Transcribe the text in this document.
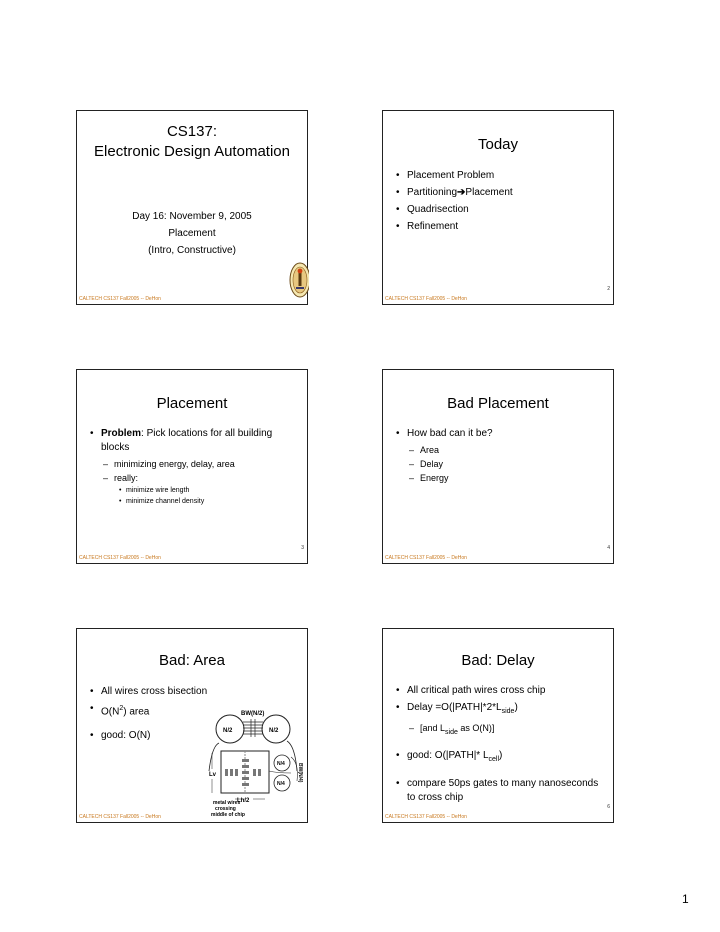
CS137:
Electronic Design Automation
Day 16: November 9, 2005
Placement
(Intro, Constructive)
CALTECH CS137 Fall2005 -- DeHon
Today
• Placement Problem
• Partitioning➔Placement
• Quadrisection
• Refinement
2
CALTECH CS137 Fall2005 -- DeHon
Placement
• Problem: Pick locations for all building blocks
– minimizing energy, delay, area
– really:
• minimize wire length
• minimize channel density
3
CALTECH CS137 Fall2005 -- DeHon
Bad Placement
• How bad can it be?
– Area
– Delay
– Energy
4
CALTECH CS137 Fall2005 -- DeHon
Bad: Area
• All wires cross bisection
• $O(N^2)$ area
• good: O(N)
BW(N/2)
N/2	N/2
N/4
N/4
BW(N/4)
Lv
Lh/2
metal wires
crossing
middle of chip
CALTECH CS137 Fall2005 -- DeHon
Bad: Delay
• All critical path wires cross chip
• Delay $=O(|PATH|*2*L_{side})$
– [and $L_{side}$ as O(N)]
• good: O(|PATH|* $L_{cell}$)
• compare 50ps gates to many nanoseconds to cross chip
6
CALTECH CS137 Fall2005 -- DeHon
1
